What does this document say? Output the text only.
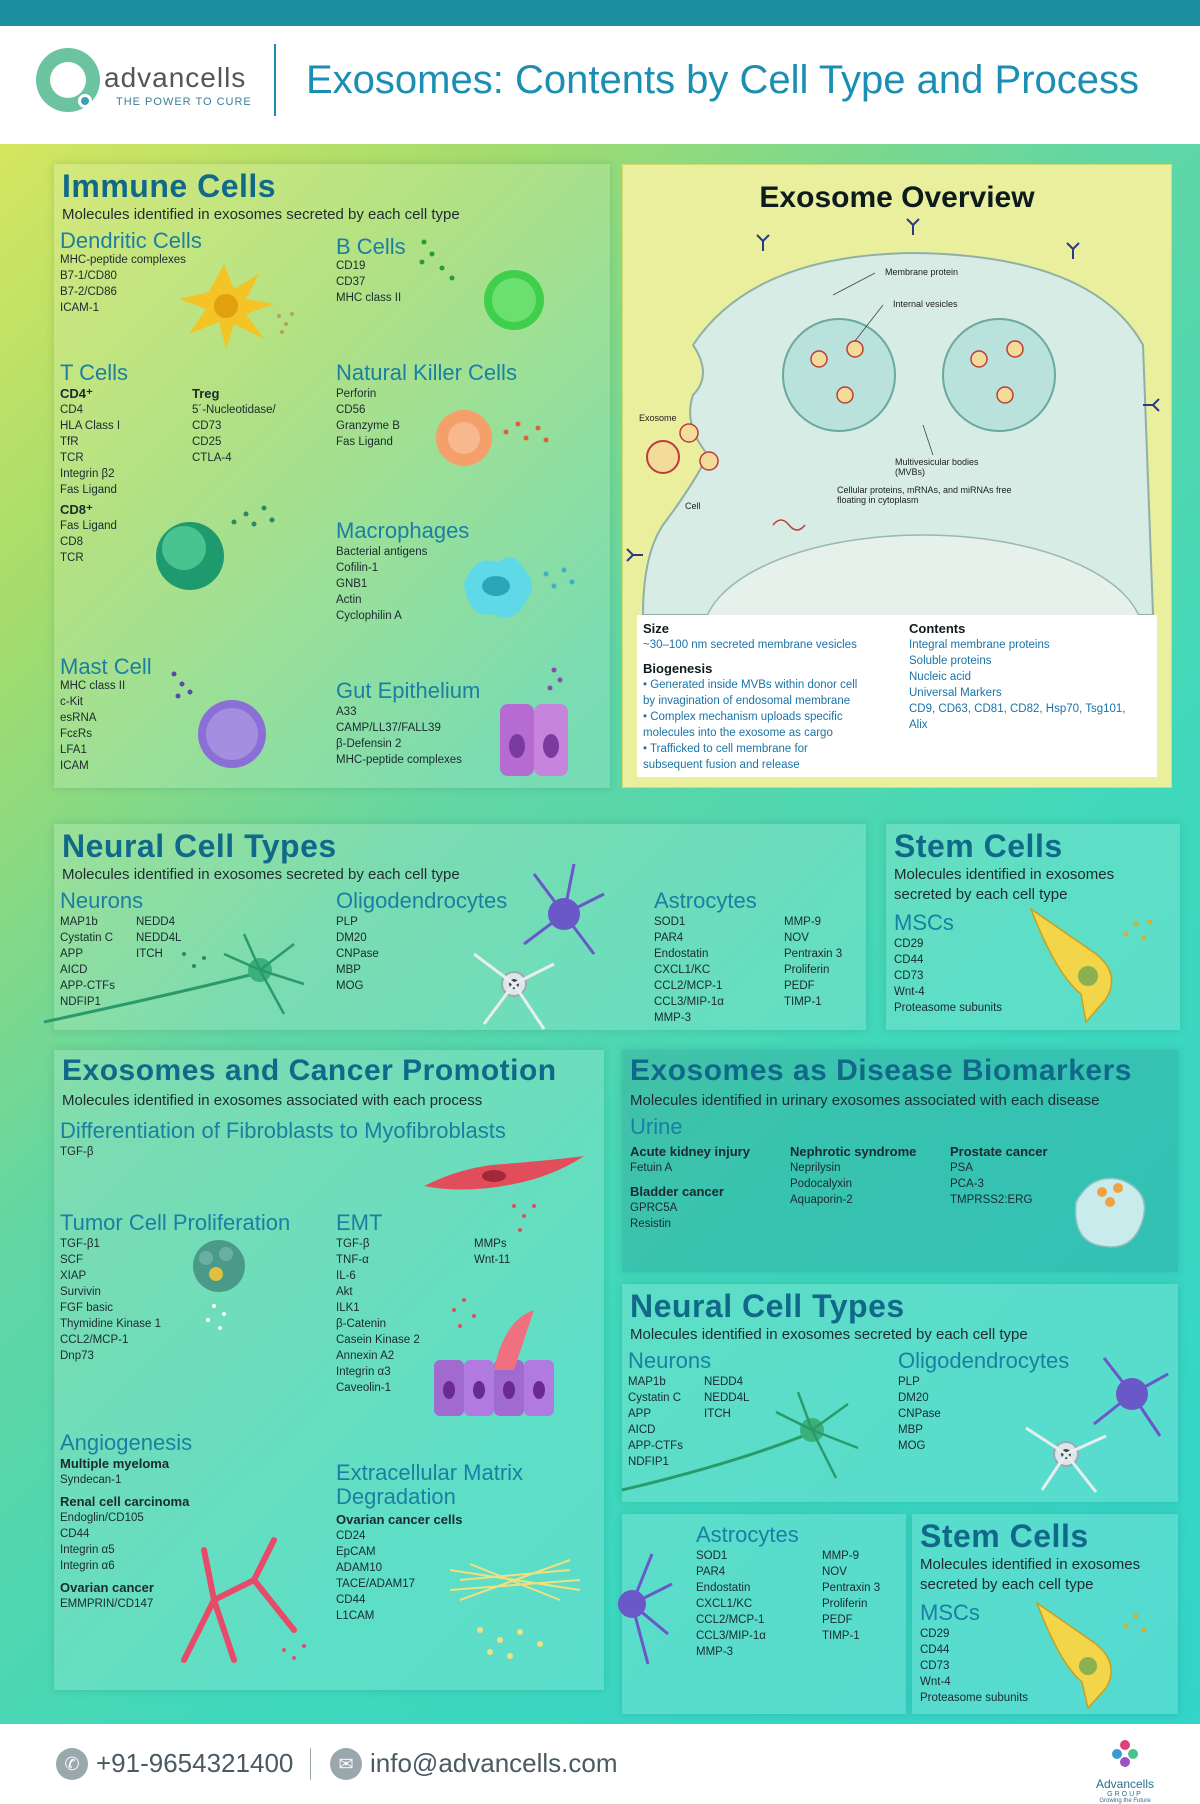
advancells
THE POWER TO CURE Exosomes: Contents by Cell Type and Process
Immune Cells
Molecules identified in exosomes secreted by each cell type
Dendritic Cells
MHC-peptide complexes
B7-1/CD80
B7-2/CD86
ICAM-1
B Cells
CD19
CD37
MHC class II
T Cells
CD4⁺
CD4
HLA Class I
TfR
TCR
Integrin β2
Fas Ligand
CD8⁺
Fas Ligand
CD8
TCR
Treg
5´-Nucleotidase/
CD73
CD25
CTLA-4
Natural Killer Cells
Perforin
CD56
Granzyme B
Fas Ligand
Macrophages
Bacterial antigens
Cofilin-1
GNB1
Actin
Cyclophilin A
Mast Cell
MHC class II
c-Kit
esRNA
FcεRs
LFA1
ICAM
Gut Epithelium
A33
CAMP/LL37/FALL39
β-Defensin 2
MHC-peptide complexes
Exosome Overview
Membrane protein
Internal vesicles
Exosome
Multivesicular bodies (MVBs)
Cell
Cellular proteins, mRNAs, and miRNAs free floating in cytoplasm
Size
~30–100 nm secreted membrane vesicles
Biogenesis
• Generated inside MVBs within donor cell
by invagination of endosomal membrane
• Complex mechanism uploads specific
molecules into the exosome as cargo
• Trafficked to cell membrane for
subsequent fusion and release
Contents
Integral membrane proteins
Soluble proteins
Nucleic acid
Universal Markers
CD9, CD63, CD81, CD82, Hsp70, Tsg101,
Alix
Neural Cell Types
Molecules identified in exosomes secreted by each cell type
Neurons
MAP1b
Cystatin C
APP
AICD
APP-CTFs
NDFIP1
NEDD4
NEDD4L
ITCH
Oligodendrocytes
PLP
DM20
CNPase
MBP
MOG
Astrocytes
SOD1
PAR4
Endostatin
CXCL1/KC
CCL2/MCP-1
CCL3/MIP-1α
MMP-3
MMP-9
NOV
Pentraxin 3
Proliferin
PEDF
TIMP-1
Stem Cells
Molecules identified in exosomes
secreted by each cell type
MSCs
CD29
CD44
CD73
Wnt-4
Proteasome subunits
Exosomes and Cancer Promotion
Molecules identified in exosomes associated with each process
Differentiation of Fibroblasts to Myofibroblasts
TGF-β
Tumor Cell Proliferation
TGF-β1
SCF
XIAP
Survivin
FGF basic
Thymidine Kinase 1
CCL2/MCP-1
Dnp73
EMT
TGF-β
TNF-α
IL-6
Akt
ILK1
β-Catenin
Casein Kinase 2
Annexin A2
Integrin α3
Caveolin-1
MMPs
Wnt-11
Angiogenesis
Multiple myeloma
Syndecan-1
Renal cell carcinoma
Endoglin/CD105
CD44
Integrin α5
Integrin α6
Ovarian cancer
EMMPRIN/CD147
Extracellular Matrix
Degradation
Ovarian cancer cells
CD24
EpCAM
ADAM10
TACE/ADAM17
CD44
L1CAM
Exosomes as Disease Biomarkers
Molecules identified in urinary exosomes associated with each disease
Urine
Acute kidney injury
Fetuin A
Bladder cancer
GPRC5A
Resistin
Nephrotic syndrome
Neprilysin
Podocalyxin
Aquaporin-2
Prostate cancer
PSA
PCA-3
TMPRSS2:ERG
Neural Cell Types
Molecules identified in exosomes secreted by each cell type
Neurons
MAP1b
Cystatin C
APP
AICD
APP-CTFs
NDFIP1
NEDD4
NEDD4L
ITCH
Oligodendrocytes
PLP
DM20
CNPase
MBP
MOG
Astrocytes
SOD1
PAR4
Endostatin
CXCL1/KC
CCL2/MCP-1
CCL3/MIP-1α
MMP-3
MMP-9
NOV
Pentraxin 3
Proliferin
PEDF
TIMP-1
Stem Cells
Molecules identified in exosomes
secreted by each cell type
MSCs
CD29
CD44
CD73
Wnt-4
Proteasome subunits
✆ +91-9654321400	✉ info@advancells.com
Advancells
GROUP
Growing the Future
